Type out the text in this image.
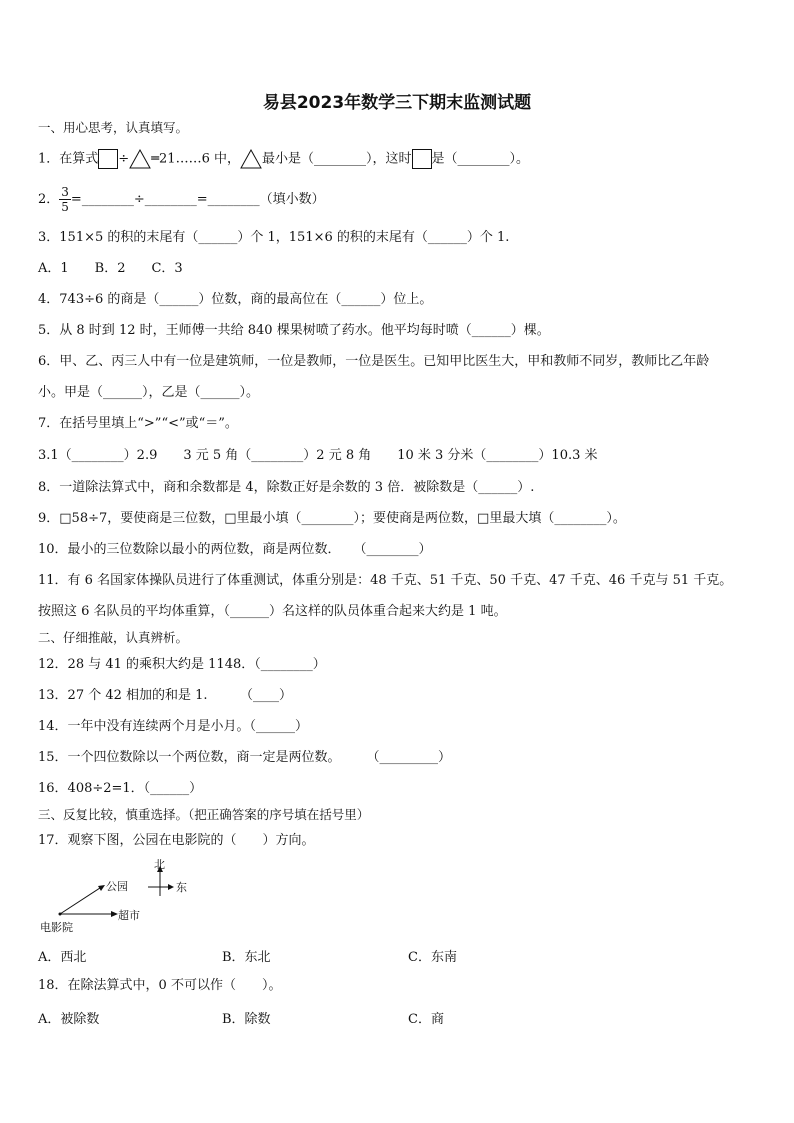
易县2023年数学三下期末监测试题
一、用心思考，认真填写。
1．在算式 ÷ ═21……6 中， 最小是（________），这时 是（________）。
2． $\frac{3}{5}$ =________÷________=________（填小数）
3．151×5 的积的末尾有（______）个 1，151×6 的积的末尾有（______）个 1.
A．1　　B．2　　C．3
4．743÷6 的商是（______）位数，商的最高位在（______）位上。
5．从 8 时到 12 时，王师傅一共给 840 棵果树喷了药水。他平均每时喷（______）棵。
6．甲、乙、丙三人中有一位是建筑师，一位是教师，一位是医生。已知甲比医生大，甲和教师不同岁，教师比乙年龄
小。甲是（______），乙是（______）。
7．在括号里填上“>”“<”或“＝”。
3.1（________）2.9　　3 元 5 角（________）2 元 8 角　　10 米 3 分米（________）10.3 米
8．一道除法算式中，商和余数都是 4，除数正好是余数的 3 倍．被除数是（______）.
9．□58÷7，要使商是三位数，□里最小填（________）；要使商是两位数，□里最大填（________）。
10．最小的三位数除以最小的两位数，商是两位数．　　（________）
11．有 6 名国家体操队员进行了体重测试，体重分别是：48 千克、51 千克、50 千克、47 千克、46 千克与 51 千克。
按照这 6 名队员的平均体重算，（______）名这样的队员体重合起来大约是 1 吨。
二、仔细推敲，认真辨析。
12．28 与 41 的乘积大约是 1148．（________）
13．27 个 42 相加的和是 1.　　　（____）
14．一年中没有连续两个月是小月。（______）
15．一个四位数除以一个两位数，商一定是两位数。　　　（_________）
16．408÷2=1．（______）
三、反复比较，慎重选择。（把正确答案的序号填在括号里）
17．观察下图，公园在电影院的（　　）方向。
北
东
公园
电影院
超市
A．西北	B．东北	C．东南
18．在除法算式中，0 不可以作（　　）。
A．被除数	B．除数	C．商
